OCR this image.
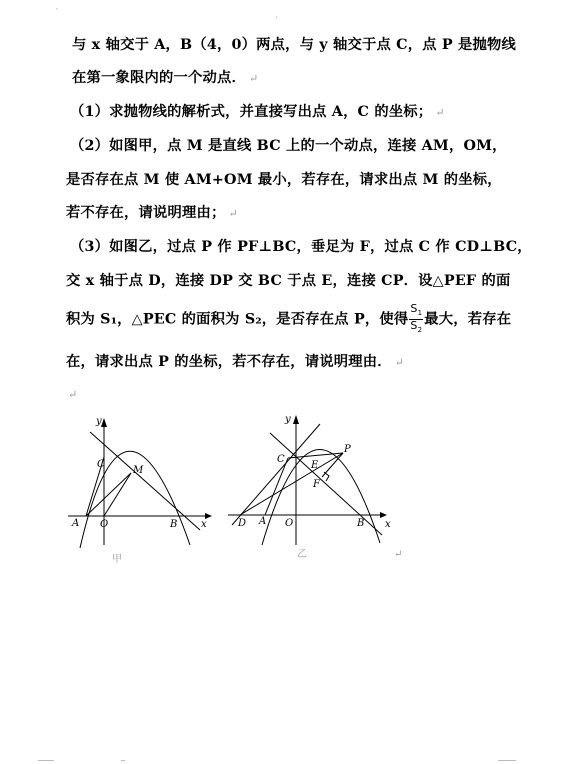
,
'
与 x 轴交于 A，B（4，0）两点，与 y 轴交于点 C，点 P 是抛物线
在第一象限内的一个动点． ↵
（1）求抛物线的解析式，并直接写出点 A，C 的坐标； ↵
（2）如图甲，点 M 是直线 BC 上的一个动点，连接 AM，OM，
是否存在点 M 使 AM+OM 最小，若存在，请求出点 M 的坐标，
若不存在，请说明理由； ↵
（3）如图乙，过点 P 作 PF⊥BC，垂足为 F，过点 C 作 CD⊥BC，
交 x 轴于点 D，连接 DP 交 BC 于点 E，连接 CP．设△PEF 的面
积为 S₁，△PEC 的面积为 S₂，是否存在点 P，使得 $\frac{S_1}{S_2}$ 最大，若存在
在，请求出点 P 的坐标，若不存在，请说明理由． ↵
↵
y
x
C
M
A O	B
甲
y
x
C
P
E
F
D A O	B
乙	↵
